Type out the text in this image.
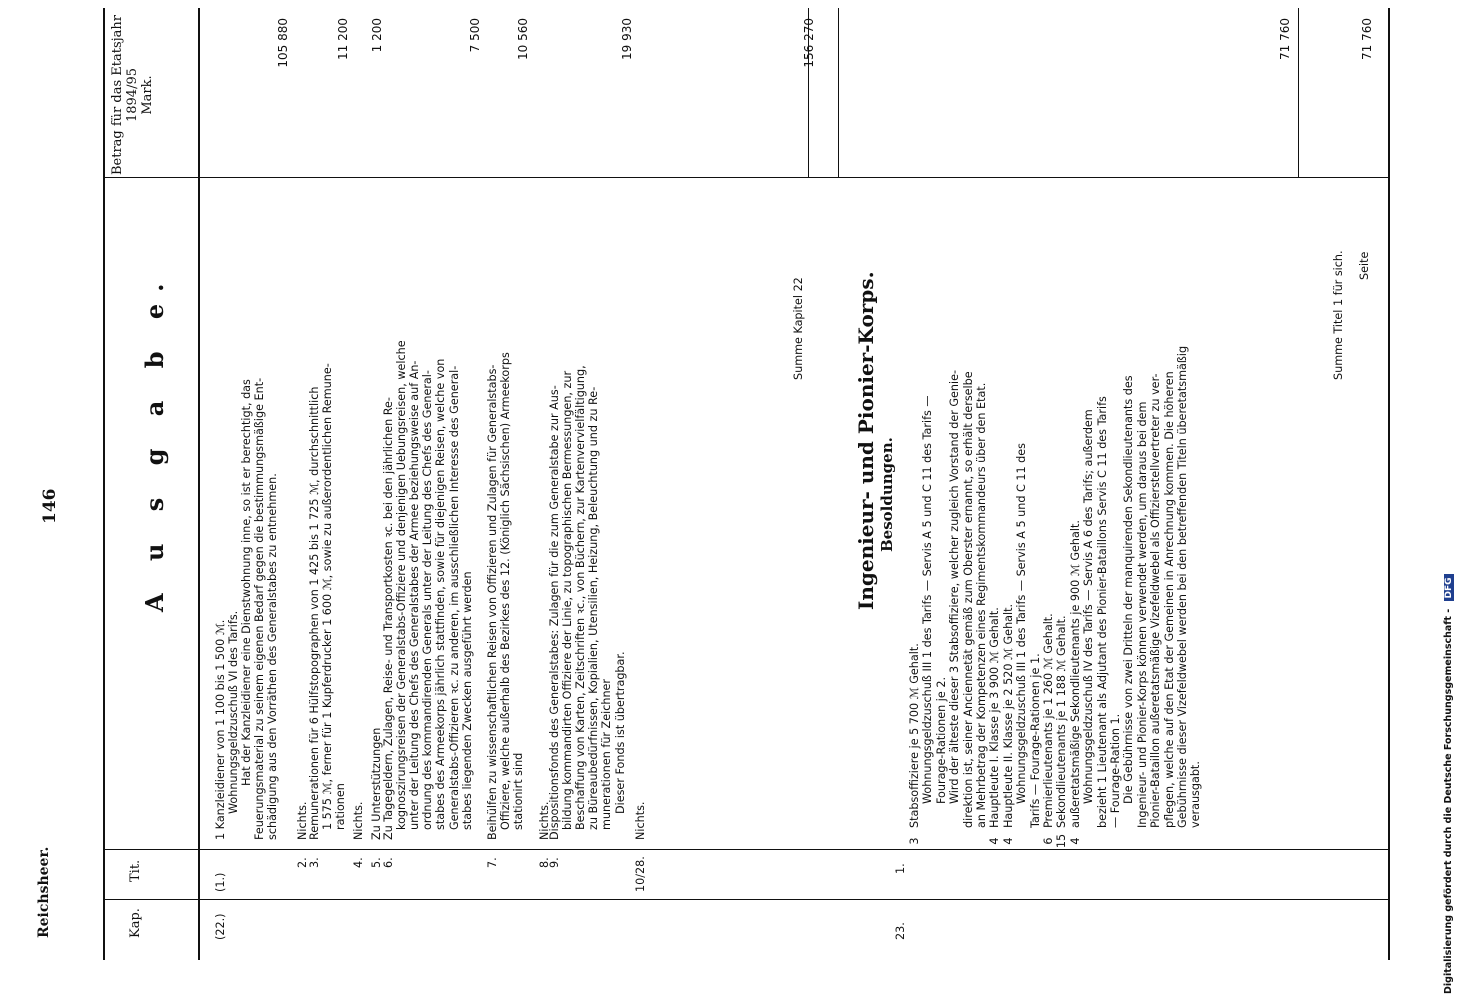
Reichsheer.
146
Kap.
Tit.
Betrag für das Etatsjahr 1894/95 Mark.
A u s g a b e.
(22.)
(1.)
1 Kanzleidiener von 1 100 bis 1 500 ℳ. Wohnungsgeldzuschuß VI des Tarifs. Hat der Kanzleidiener eine Dienstwohnung inne, so ist er berechtigt, das Feuerungsmaterial zu seinem eigenen Bedarf gegen die bestimmungsmäßige Ent- schädigung aus den Vorräthen des Generalstabes zu entnehmen.
105 880
2.
Nichts.
3.
Remunerationen für 6 Hülfstopographen von 1 425 bis 1 725 ℳ, durchschnittlich 1 575 ℳ, ferner für 1 Kupferdrucker 1 600 ℳ, sowie zu außerordentlichen Remune- rationen
11 200
4.
Nichts.
5.
Zu Unterstützungen
1 200
6.
Zu Tagegeldern, Zulagen, Reise- und Transportkosten ꝛc. bei den jährlichen Re- kognoszirungsreisen der Generalstabs-Offiziere und denjenigen Uebungsreisen, welche unter der Leitung des Chefs des Generalstabes der Armee beziehungsweise auf An- ordnung des kommandirenden Generals unter der Leitung des Chefs des General- stabes des Armeekorps jährlich stattfinden, sowie für diejenigen Reisen, welche von Generalstabs-Offizieren ꝛc. zu anderen, im ausschließlichen Interesse des General- stabes liegenden Zwecken ausgeführt werden
7 500
7.
Beihülfen zu wissenschaftlichen Reisen von Offizieren und Zulagen für Generalstabs- Offiziere, welche außerhalb des Bezirkes des 12. (Königlich Sächsischen) Armeekorps stationirt sind
10 560
8.
Nichts.
9.
Dispositionsfonds des Generalstabes: Zulagen für die zum Generalstabe zur Aus- bildung kommandirten Offiziere der Linie, zu topographischen Bermessungen, zur Beschaffung von Karten, Zeitschriften ꝛc., von Büchern, zur Kartenvervielfältigung, zu Büreaubedürfnissen, Kopialien, Utensilien, Heizung, Beleuchtung und zu Re- munerationen für Zeichner Dieser Fonds ist übertragbar.
19 930
10/28.
Nichts.
Summe Kapitel 22
156 270
23.
Ingenieur- und Pionier-Korps. Besoldungen.
1.
3
Stabsoffiziere je 5 700 ℳ Gehalt. Wohnungsgeldzuschuß III 1 des Tarifs — Servis A 5 und C 11 des Tarifs — Fourage-Rationen je 2. Wird der älteste dieser 3 Stabsoffiziere, welcher zugleich Vorstand der Genie- direktion ist, seiner Anciennetät gemäß zum Oberster ernannt, so erhält derselbe an Mehrbetrag der Kompetenzen eines Regimentskommandeurs über den Etat.
4
Hauptleute I. Klasse je 3 900 ℳ Gehalt.
4
Hauptleute II. Klasse je 2 520 ℳ Gehalt. Wohnungsgeldzuschuß III 1 des Tarifs — Servis A 5 und C 11 des Tarifs — Fourage-Rationen je 1.
6
Premierlieutenants je 1 260 ℳ Gehalt.
15
Sekondlieutenants je 1 188 ℳ Gehalt.
4
außeretatsmäßige Sekondlieutenants je 900 ℳ Gehalt. Wohnungsgeldzuschuß IV des Tarifs — Servis A 6 des Tarifs; außerdem bezieht 1 Lieutenant als Adjutant des Pionier-Bataillons Servis C 11 des Tarifs — Fourage-Ration 1. Die Gebührnisse von zwei Dritteln der manquirenden Sekondlieutenants des Ingenieur- und Pionier-Korps können verwendet werden, um daraus bei dem Pionier-Bataillon außeretatsmäßige Vizefeldwebel als Offizierstellvertreter zu ver- pflegen, welche auf den Etat der Gemeinen in Anrechnung kommen. Die höheren Gebührnisse dieser Vizefeldwebel werden bei den betreffenden Titeln überetatsmäßig verausgabt.
71 760
Summe Titel 1 für sich. Seite
71 760
Digitalisierung gefördert durch die Deutsche Forschungsgemeinschaft - DFG
